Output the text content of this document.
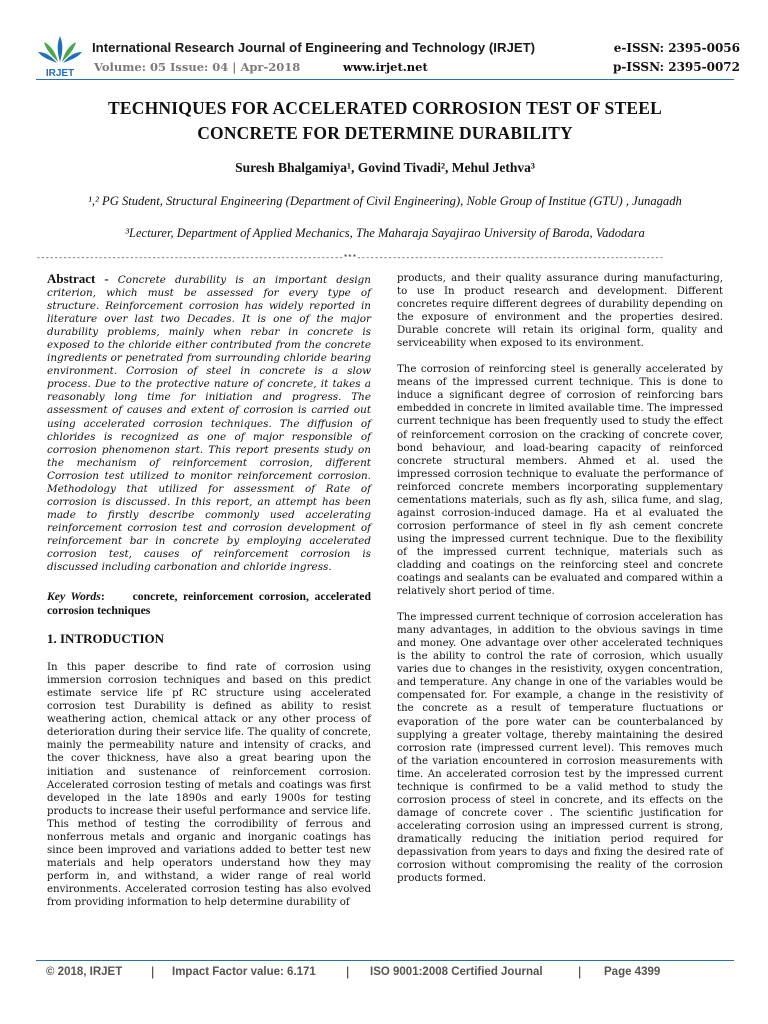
IRJET
International Research Journal of Engineering and Technology (IRJET)	e-ISSN: 2395-0056
Volume: 05 Issue: 04 | Apr-2018	www.irjet.net	p-ISSN: 2395-0072
TECHNIQUES FOR ACCELERATED CORROSION TEST OF STEEL
CONCRETE FOR DETERMINE DURABILITY
Suresh Bhalgamiya¹, Govind Tivadi², Mehul Jethva³
¹,² PG Student, Structural Engineering (Department of Civil Engineering), Noble Group of Institue (GTU) , Junagadh
³Lecturer, Department of Applied Mechanics, The Maharaja Sayajirao University of Baroda, Vadodara
---------------------------------------------------------------------***---------------------------------------------------------------------

Abstract - Concrete durability is an important design criterion, which must be assessed for every type of structure. Reinforcement corrosion has widely reported in literature over last two Decades. It is one of the major durability problems, mainly when rebar in concrete is exposed to the chloride either contributed from the concrete ingredients or penetrated from surrounding chloride bearing environment. Corrosion of steel in concrete is a slow process. Due to the protective nature of concrete, it takes a reasonably long time for initiation and progress. The assessment of causes and extent of corrosion is carried out using accelerated corrosion techniques. The diffusion of chlorides is recognized as one of major responsible of corrosion phenomenon start. This report presents study on the mechanism of reinforcement corrosion, different Corrosion test utilized to monitor reinforcement corrosion. Methodology that utilized for assessment of Rate of corrosion is discussed. In this report, an attempt has been made to firstly describe commonly used accelerating reinforcement corrosion test and corrosion development of reinforcement bar in concrete by employing accelerated corrosion test, causes of reinforcement corrosion is discussed including carbonation and chloride ingress.

Key Words: concrete, reinforcement corrosion, accelerated corrosion techniques

1. INTRODUCTION

In this paper describe to find rate of corrosion using immersion corrosion techniques and based on this predict estimate service life pf RC structure using accelerated corrosion test Durability is defined as ability to resist weathering action, chemical attack or any other process of deterioration during their service life. The quality of concrete, mainly the permeability nature and intensity of cracks, and the cover thickness, have also a great bearing upon the initiation and sustenance of reinforcement corrosion. Accelerated corrosion testing of metals and coatings was first developed in the late 1890s and early 1900s for testing products to increase their useful performance and service life. This method of testing the corrodibility of ferrous and nonferrous metals and organic and inorganic coatings has since been improved and variations added to better test new materials and help operators understand how they may perform in, and withstand, a wider range of real world environments. Accelerated corrosion testing has also evolved from providing information to help determine durability of

products, and their quality assurance during manufacturing, to use In product research and development. Different concretes require different degrees of durability depending on the exposure of environment and the properties desired. Durable concrete will retain its original form, quality and serviceability when exposed to its environment.

The corrosion of reinforcing steel is generally accelerated by means of the impressed current technique. This is done to induce a significant degree of corrosion of reinforcing bars embedded in concrete in limited available time. The impressed current technique has been frequently used to study the effect of reinforcement corrosion on the cracking of concrete cover, bond behaviour, and load-bearing capacity of reinforced concrete structural members. Ahmed et al. used the impressed corrosion technique to evaluate the performance of reinforced concrete members incorporating supplementary cementations materials, such as fly ash, silica fume, and slag, against corrosion-induced damage. Ha et al evaluated the corrosion performance of steel in fly ash cement concrete using the impressed current technique. Due to the flexibility of the impressed current technique, materials such as cladding and coatings on the reinforcing steel and concrete coatings and sealants can be evaluated and compared within a relatively short period of time.

The impressed current technique of corrosion acceleration has many advantages, in addition to the obvious savings in time and money. One advantage over other accelerated techniques is the ability to control the rate of corrosion, which usually varies due to changes in the resistivity, oxygen concentration, and temperature. Any change in one of the variables would be compensated for. For example, a change in the resistivity of the concrete as a result of temperature fluctuations or evaporation of the pore water can be counterbalanced by supplying a greater voltage, thereby maintaining the desired corrosion rate (impressed current level). This removes much of the variation encountered in corrosion measurements with time. An accelerated corrosion test by the impressed current technique is confirmed to be a valid method to study the corrosion process of steel in concrete, and its effects on the damage of concrete cover . The scientific justification for accelerating corrosion using an impressed current is strong, dramatically reducing the initiation period required for depassivation from years to days and fixing the desired rate of corrosion without compromising the reality of the corrosion products formed.

© 2018, IRJET | Impact Factor value: 6.171 | ISO 9001:2008 Certified Journal	| Page 4399
